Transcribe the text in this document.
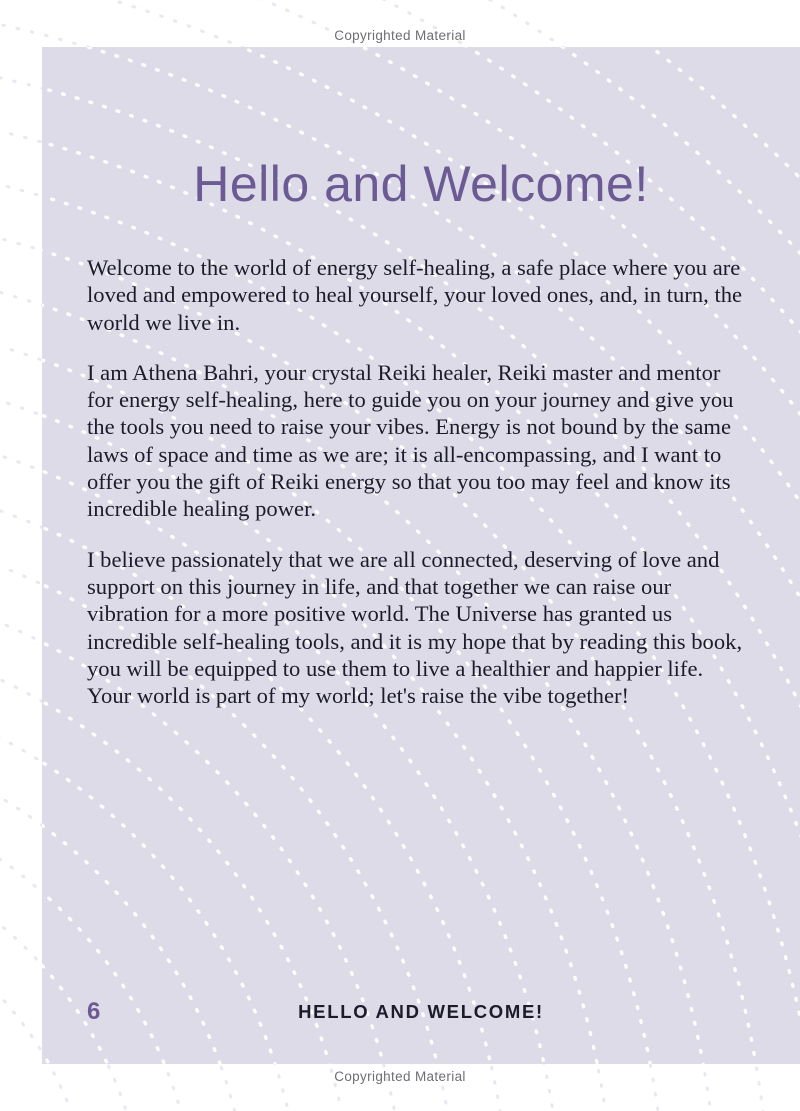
Copyrighted Material
Hello and Welcome!

Welcome to the world of energy self-healing, a safe place where you are loved and empowered to heal yourself, your loved ones, and, in turn, the world we live in.

I am Athena Bahri, your crystal Reiki healer, Reiki master and mentor for energy self-healing, here to guide you on your journey and give you the tools you need to raise your vibes. Energy is not bound by the same laws of space and time as we are; it is all-encompassing, and I want to offer you the gift of Reiki energy so that you too may feel and know its incredible healing power.

I believe passionately that we are all connected, deserving of love and support on this journey in life, and that together we can raise our vibration for a more positive world. The Universe has granted us incredible self-healing tools, and it is my hope that by reading this book, you will be equipped to use them to live a healthier and happier life. Your world is part of my world; let's raise the vibe together!

6	HELLO AND WELCOME!
Copyrighted Material
